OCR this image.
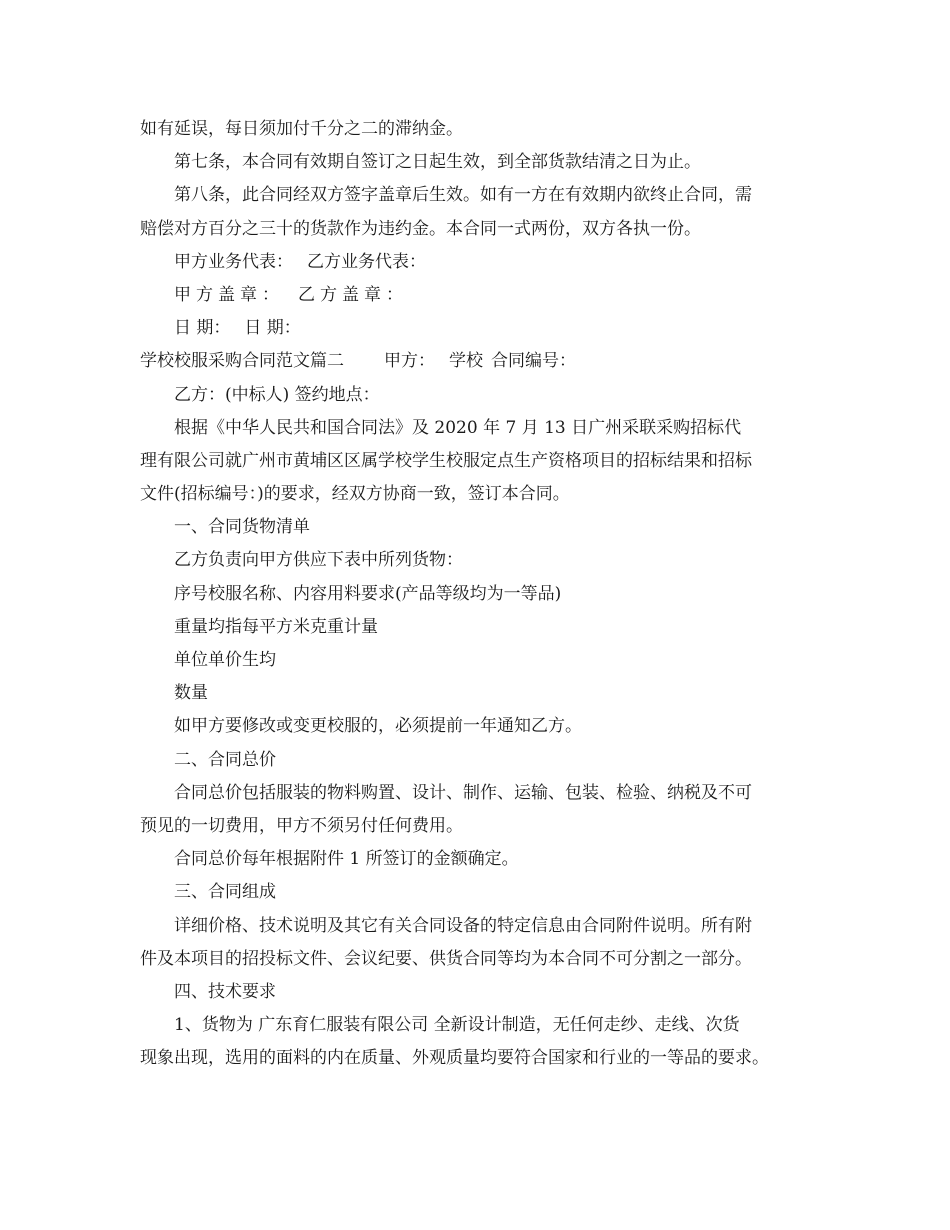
如有延误，每日须加付千分之二的滞纳金。
第七条，本合同有效期自签订之日起生效，到全部货款结清之日为止。
第八条，此合同经双方签字盖章后生效。如有一方在有效期内欲终止合同，需
赔偿对方百分之三十的货款作为违约金。本合同一式两份，双方各执一份。
甲方业务代表： 乙方业务代表：
甲方盖章： 乙方盖章：
日 期： 日 期：
学校校服采购合同范文篇二 甲方： 学校 合同编号：
乙方：(中标人) 签约地点：
根据《中华人民共和国合同法》及 2020 年 7 月 13 日广州采联采购招标代
理有限公司就广州市黄埔区区属学校学生校服定点生产资格项目的招标结果和招标
文件(招标编号：)的要求，经双方协商一致，签订本合同。
一、合同货物清单
乙方负责向甲方供应下表中所列货物：
序号校服名称、内容用料要求(产品等级均为一等品)
重量均指每平方米克重计量
单位单价生均
数量
如甲方要修改或变更校服的，必须提前一年通知乙方。
二、合同总价
合同总价包括服装的物料购置、设计、制作、运输、包装、检验、纳税及不可
预见的一切费用，甲方不须另付任何费用。
合同总价每年根据附件 1 所签订的金额确定。
三、合同组成
详细价格、技术说明及其它有关合同设备的特定信息由合同附件说明。所有附
件及本项目的招投标文件、会议纪要、供货合同等均为本合同不可分割之一部分。
四、技术要求
1、货物为 广东育仁服装有限公司 全新设计制造，无任何走纱、走线、次货
现象出现，选用的面料的内在质量、外观质量均要符合国家和行业的一等品的要求。
